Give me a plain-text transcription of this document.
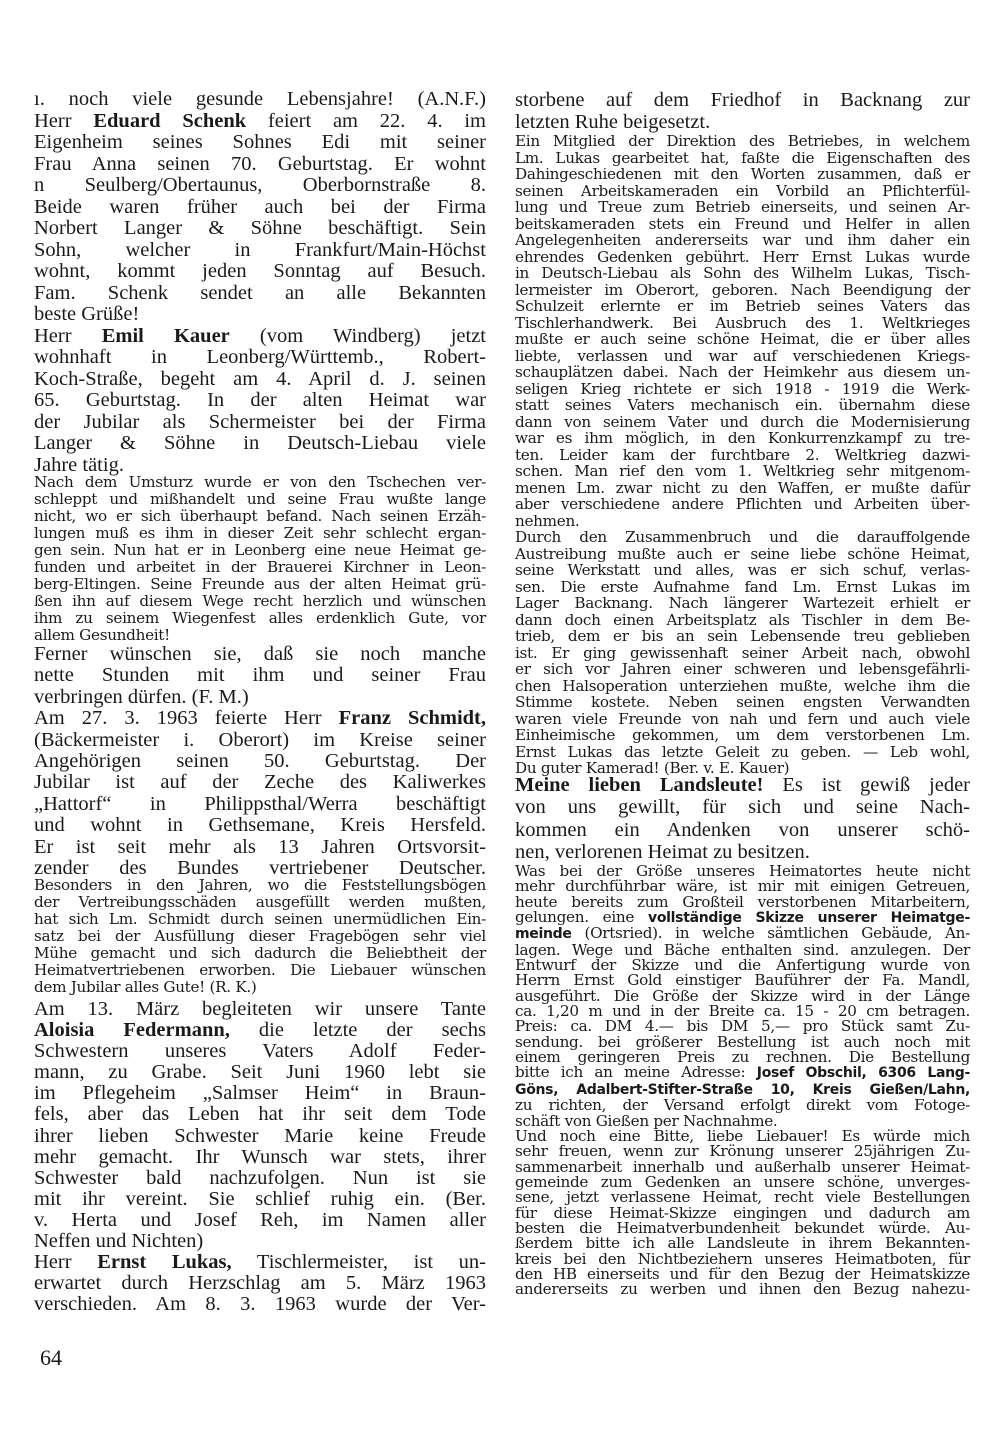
ı. noch viele gesunde Lebensjahre! (A.N.F.)
Herr Eduard Schenk feiert am 22. 4. im
Eigenheim seines Sohnes Edi mit seiner
Frau Anna seinen 70. Geburtstag. Er wohnt
n Seulberg/Obertaunus, Oberbornstraße 8.
Beide waren früher auch bei der Firma
Norbert Langer & Söhne beschäftigt. Sein
Sohn, welcher in Frankfurt/Main-Höchst
wohnt, kommt jeden Sonntag auf Besuch.
Fam. Schenk sendet an alle Bekannten
beste Grüße!
Herr Emil Kauer (vom Windberg) jetzt
wohnhaft in Leonberg/Württemb., Robert-
Koch-Straße, begeht am 4. April d. J. seinen
65. Geburtstag. In der alten Heimat war
der Jubilar als Schermeister bei der Firma
Langer & Söhne in Deutsch-Liebau viele
Jahre tätig.
Nach dem Umsturz wurde er von den Tschechen ver-
schleppt und mißhandelt und seine Frau wußte lange
nicht, wo er sich überhaupt befand. Nach seinen Erzäh-
lungen muß es ihm in dieser Zeit sehr schlecht ergan-
gen sein. Nun hat er in Leonberg eine neue Heimat ge-
funden und arbeitet in der Brauerei Kirchner in Leon-
berg-Eltingen. Seine Freunde aus der alten Heimat grü-
ßen ihn auf diesem Wege recht herzlich und wünschen
ihm zu seinem Wiegenfest alles erdenklich Gute, vor
allem Gesundheit!
Ferner wünschen sie, daß sie noch manche
nette Stunden mit ihm und seiner Frau
verbringen dürfen. (F. M.)
Am 27. 3. 1963 feierte Herr Franz Schmidt,
(Bäckermeister i. Oberort) im Kreise seiner
Angehörigen seinen 50. Geburtstag. Der
Jubilar ist auf der Zeche des Kaliwerkes
„Hattorf“ in Philippsthal/Werra beschäftigt
und wohnt in Gethsemane, Kreis Hersfeld.
Er ist seit mehr als 13 Jahren Ortsvorsit-
zender des Bundes vertriebener Deutscher.
Besonders in den Jahren, wo die Feststellungsbögen
der Vertreibungsschäden ausgefüllt werden mußten,
hat sich Lm. Schmidt durch seinen unermüdlichen Ein-
satz bei der Ausfüllung dieser Fragebögen sehr viel
Mühe gemacht und sich dadurch die Beliebtheit der
Heimatvertriebenen erworben. Die Liebauer wünschen
dem Jubilar alles Gute! (R. K.)
Am 13. März begleiteten wir unsere Tante
Aloisia Federmann, die letzte der sechs
Schwestern unseres Vaters Adolf Feder-
mann, zu Grabe. Seit Juni 1960 lebt sie
im Pflegeheim „Salmser Heim“ in Braun-
fels, aber das Leben hat ihr seit dem Tode
ihrer lieben Schwester Marie keine Freude
mehr gemacht. Ihr Wunsch war stets, ihrer
Schwester bald nachzufolgen. Nun ist sie
mit ihr vereint. Sie schlief ruhig ein. (Ber.
v. Herta und Josef Reh, im Namen aller
Neffen und Nichten)
Herr Ernst Lukas, Tischlermeister, ist un-
erwartet durch Herzschlag am 5. März 1963
verschieden. Am 8. 3. 1963 wurde der Ver-
storbene auf dem Friedhof in Backnang zur
letzten Ruhe beigesetzt.
Ein Mitglied der Direktion des Betriebes, in welchem
Lm. Lukas gearbeitet hat, faßte die Eigenschaften des
Dahingeschiedenen mit den Worten zusammen, daß er
seinen Arbeitskameraden ein Vorbild an Pflichterfül-
lung und Treue zum Betrieb einerseits, und seinen Ar-
beitskameraden stets ein Freund und Helfer in allen
Angelegenheiten andererseits war und ihm daher ein
ehrendes Gedenken gebührt. Herr Ernst Lukas wurde
in Deutsch-Liebau als Sohn des Wilhelm Lukas, Tisch-
lermeister im Oberort, geboren. Nach Beendigung der
Schulzeit erlernte er im Betrieb seines Vaters das
Tischlerhandwerk. Bei Ausbruch des 1. Weltkrieges
mußte er auch seine schöne Heimat, die er über alles
liebte, verlassen und war auf verschiedenen Kriegs-
schauplätzen dabei. Nach der Heimkehr aus diesem un-
seligen Krieg richtete er sich 1918 - 1919 die Werk-
statt seines Vaters mechanisch ein. übernahm diese
dann von seinem Vater und durch die Modernisierung
war es ihm möglich, in den Konkurrenzkampf zu tre-
ten. Leider kam der furchtbare 2. Weltkrieg dazwi-
schen. Man rief den vom 1. Weltkrieg sehr mitgenom-
menen Lm. zwar nicht zu den Waffen, er mußte dafür
aber verschiedene andere Pflichten und Arbeiten über-
nehmen.
Durch den Zusammenbruch und die darauffolgende
Austreibung mußte auch er seine liebe schöne Heimat,
seine Werkstatt und alles, was er sich schuf, verlas-
sen. Die erste Aufnahme fand Lm. Ernst Lukas im
Lager Backnang. Nach längerer Wartezeit erhielt er
dann doch einen Arbeitsplatz als Tischler in dem Be-
trieb, dem er bis an sein Lebensende treu geblieben
ist. Er ging gewissenhaft seiner Arbeit nach, obwohl
er sich vor Jahren einer schweren und lebensgefährli-
chen Halsoperation unterziehen mußte, welche ihm die
Stimme kostete. Neben seinen engsten Verwandten
waren viele Freunde von nah und fern und auch viele
Einheimische gekommen, um dem verstorbenen Lm.
Ernst Lukas das letzte Geleit zu geben. — Leb wohl,
Du guter Kamerad! (Ber. v. E. Kauer)
Meine lieben Landsleute! Es ist gewiß jeder
von uns gewillt, für sich und seine Nach-
kommen ein Andenken von unserer schö-
nen, verlorenen Heimat zu besitzen.
Was bei der Größe unseres Heimatortes heute nicht
mehr durchführbar wäre, ist mir mit einigen Getreuen,
heute bereits zum Großteil verstorbenen Mitarbeitern,
gelungen. eine vollständige Skizze unserer Heimatge-
meinde (Ortsried). in welche sämtlichen Gebäude, An-
lagen. Wege und Bäche enthalten sind. anzulegen. Der
Entwurf der Skizze und die Anfertigung wurde von
Herrn Ernst Gold einstiger Bauführer der Fa. Mandl,
ausgeführt. Die Größe der Skizze wird in der Länge
ca. 1,20 m und in der Breite ca. 15 - 20 cm betragen.
Preis: ca. DM 4.— bis DM 5,— pro Stück samt Zu-
sendung. bei größerer Bestellung ist auch noch mit
einem geringeren Preis zu rechnen. Die Bestellung
bitte ich an meine Adresse: Josef Obschil, 6306 Lang-
Göns, Adalbert-Stifter-Straße 10, Kreis Gießen/Lahn,
zu richten, der Versand erfolgt direkt vom Fotoge-
schäft von Gießen per Nachnahme.
Und noch eine Bitte, liebe Liebauer! Es würde mich
sehr freuen, wenn zur Krönung unserer 25jährigen Zu-
sammenarbeit innerhalb und außerhalb unserer Heimat-
gemeinde zum Gedenken an unsere schöne, unverges-
sene, jetzt verlassene Heimat, recht viele Bestellungen
für diese Heimat-Skizze eingingen und dadurch am
besten die Heimatverbundenheit bekundet würde. Au-
ßerdem bitte ich alle Landsleute in ihrem Bekannten-
kreis bei den Nichtbeziehern unseres Heimatboten, für
den HB einerseits und für den Bezug der Heimatskizze
andererseits zu werben und ihnen den Bezug nahezu-
64
